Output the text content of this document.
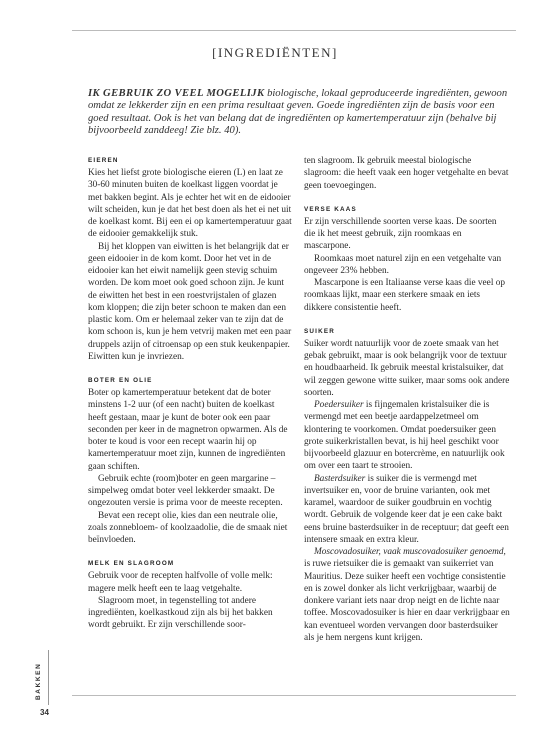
[INGREDIËNTEN]

IK GEBRUIK ZO VEEL MOGELIJK biologische, lokaal geproduceerde ingrediënten, gewoon omdat ze lekkerder zijn en een prima resultaat geven. Goede ingrediënten zijn de basis voor een goed resultaat. Ook is het van belang dat de ingrediënten op kamertemperatuur zijn (behalve bij bijvoorbeeld zanddeeg! Zie blz. 40).

EIEREN

Kies het liefst grote biologische eieren (L) en laat ze 30-60 minuten buiten de koelkast liggen voordat je met bakken begint. Als je echter het wit en de eidooier wilt scheiden, kun je dat het best doen als het ei net uit de koelkast komt. Bij een ei op kamertemperatuur gaat de eidooier gemakkelijk stuk.

Bij het kloppen van eiwitten is het belangrijk dat er geen eidooier in de kom komt. Door het vet in de eidooier kan het eiwit namelijk geen stevig schuim worden. De kom moet ook goed schoon zijn. Je kunt de eiwitten het best in een roestvrijstalen of glazen kom kloppen; die zijn beter schoon te maken dan een plastic kom. Om er helemaal zeker van te zijn dat de kom schoon is, kun je hem vetvrij maken met een paar druppels azijn of citroensap op een stuk keukenpapier. Eiwitten kun je invriezen.

BOTER EN OLIE

Boter op kamertemperatuur betekent dat de boter minstens 1-2 uur (of een nacht) buiten de koelkast heeft gestaan, maar je kunt de boter ook een paar seconden per keer in de magnetron opwarmen. Als de boter te koud is voor een recept waarin hij op kamertemperatuur moet zijn, kunnen de ingrediënten gaan schiften.

Gebruik echte (room)boter en geen margarine – simpelweg omdat boter veel lekkerder smaakt. De ongezouten versie is prima voor de meeste recepten.

Bevat een recept olie, kies dan een neutrale olie, zoals zonnebloem- of koolzaadolie, die de smaak niet beïnvloeden.

MELK EN SLAGROOM

Gebruik voor de recepten halfvolle of volle melk: magere melk heeft een te laag vetgehalte.

Slagroom moet, in tegenstelling tot andere ingrediënten, koelkastkoud zijn als bij het bakken wordt gebruikt. Er zijn verschillende soor-

ten slagroom. Ik gebruik meestal biologische slagroom: die heeft vaak een hoger vetgehalte en bevat geen toevoegingen.

VERSE KAAS

Er zijn verschillende soorten verse kaas. De soorten die ik het meest gebruik, zijn roomkaas en mascarpone.

Roomkaas moet naturel zijn en een vetgehalte van ongeveer 23% hebben.

Mascarpone is een Italiaanse verse kaas die veel op roomkaas lijkt, maar een sterkere smaak en iets dikkere consistentie heeft.

SUIKER

Suiker wordt natuurlijk voor de zoete smaak van het gebak gebruikt, maar is ook belangrijk voor de textuur en houdbaarheid. Ik gebruik meestal kristalsuiker, dat wil zeggen gewone witte suiker, maar soms ook andere soorten.

Poedersuiker is fijngemalen kristalsuiker die is vermengd met een beetje aardappelzetmeel om klontering te voorkomen. Omdat poedersuiker geen grote suikerkristallen bevat, is hij heel geschikt voor bijvoorbeeld glazuur en botercrème, en natuurlijk ook om over een taart te strooien.

Basterdsuiker is suiker die is vermengd met invertsuiker en, voor de bruine varianten, ook met karamel, waardoor de suiker goudbruin en vochtig wordt. Gebruik de volgende keer dat je een cake bakt eens bruine basterdsuiker in de receptuur; dat geeft een intensere smaak en extra kleur.

Moscovadosuiker, vaak muscovadosuiker genoemd, is ruwe rietsuiker die is gemaakt van suikerriet van Mauritius. Deze suiker heeft een vochtige consistentie en is zowel donker als licht verkrijgbaar, waarbij de donkere variant iets naar drop neigt en de lichte naar toffee. Moscovadosuiker is hier en daar verkrijgbaar en kan eventueel worden vervangen door basterdsuiker als je hem nergens kunt krijgen.

BAKKEN
34
